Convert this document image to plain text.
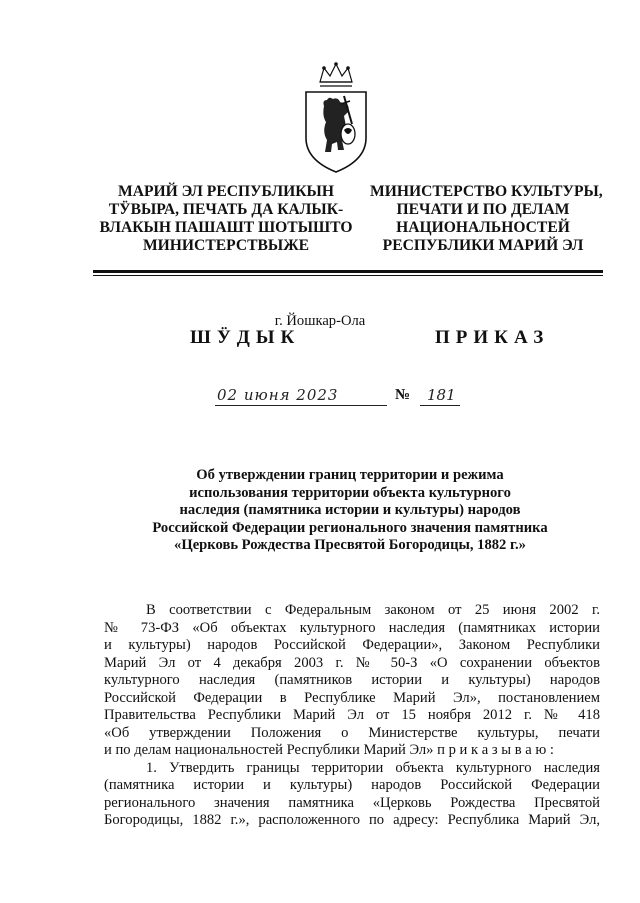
МАРИЙ ЭЛ РЕСПУБЛИКЫН
ТӰВЫРА, ПЕЧАТЬ ДА КАЛЫК-
ВЛАКЫН ПАШАШТ ШОТЫШТО
МИНИСТЕРСТВЫЖЕ
МИНИСТЕРСТВО КУЛЬТУРЫ,
ПЕЧАТИ И ПО ДЕЛАМ
НАЦИОНАЛЬНОСТЕЙ
РЕСПУБЛИКИ МАРИЙ ЭЛ
г. Йошкар-Ола
ШӰДЫК	ПРИКАЗ
02 июня 2023	№ 181
Об утверждении границ территории и режима
использования территории объекта культурного
наследия (памятника истории и культуры) народов
Российской Федерации регионального значения памятника
«Церковь Рождества Пресвятой Богородицы, 1882 г.»
В соответствии с Федеральным законом от 25 июня 2002 г.
№ 73-ФЗ «Об объектах культурного наследия (памятниках истории
и культуры) народов Российской Федерации», Законом Республики
Марий Эл от 4 декабря 2003 г. № 50-З «О сохранении объектов
культурного наследия (памятников истории и культуры) народов
Российской Федерации в Республике Марий Эл», постановлением
Правительства Республики Марий Эл от 15 ноября 2012 г. № 418
«Об утверждении Положения о Министерстве культуры, печати
и по делам национальностей Республики Марий Эл» п р и к а з ы в а ю :
1. Утвердить границы территории объекта культурного наследия
(памятника истории и культуры) народов Российской Федерации
регионального значения памятника «Церковь Рождества Пресвятой
Богородицы, 1882 г.», расположенного по адресу: Республика Марий Эл,
